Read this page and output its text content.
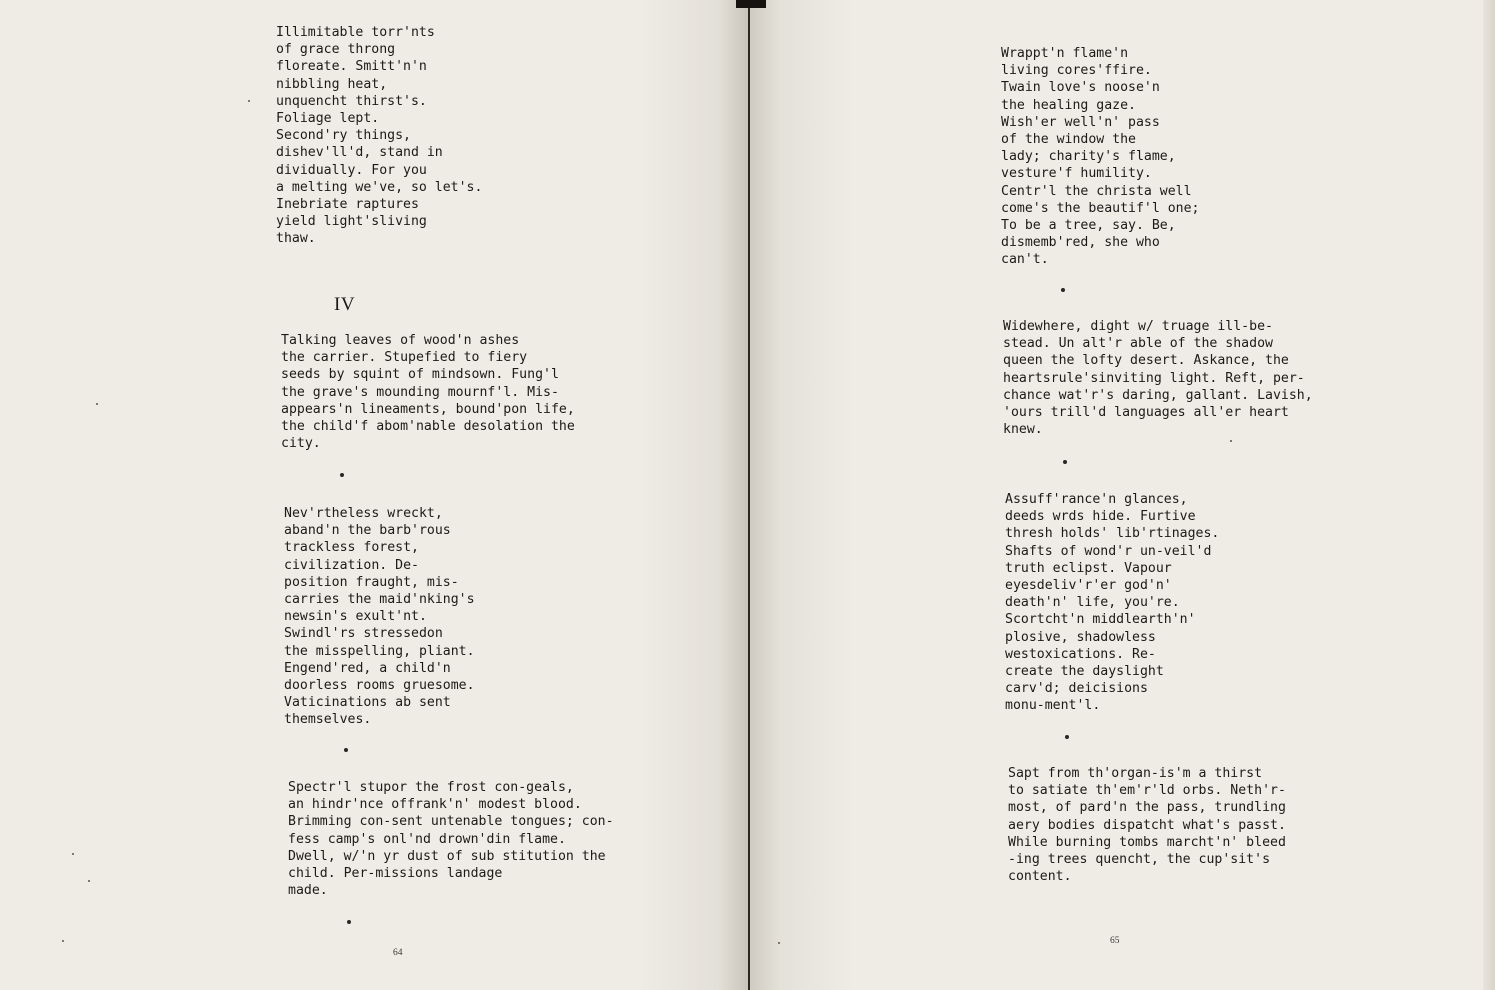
Illimitable torr'nts
of grace throng
floreate. Smitt'n'n
nibbling heat,
unquencht thirst's.
Foliage lept.
Second'ry things,
dishev'll'd, stand in
dividually. For you
a melting we've, so let's.
Inebriate raptures
yield light'sliving
thaw.
IV
Talking leaves of wood'n ashes
the carrier. Stupefied to fiery
seeds by squint of mindsown. Fung'l
the grave's mounding mournf'l. Mis-
appears'n lineaments, bound'pon life,
the child'f abom'nable desolation the
city.
Nev'rtheless wreckt,
aband'n the barb'rous
trackless forest,
civilization. De-
position fraught, mis-
carries the maid'nking's
newsin's exult'nt.
Swindl'rs stressedon
the misspelling, pliant.
Engend'red, a child'n
doorless rooms gruesome.
Vaticinations ab sent
themselves.
Spectr'l stupor the frost con-geals,
an hindr'nce offrank'n' modest blood.
Brimming con-sent untenable tongues; con-
fess camp's onl'nd drown'din flame.
Dwell, w/'n yr dust of sub stitution the
child. Per-missions landage
made.
64
Wrappt'n flame'n
living cores'ffire.
Twain love's noose'n
the healing gaze.
Wish'er well'n' pass
of the window the
lady; charity's flame,
vesture'f humility.
Centr'l the christa well
come's the beautif'l one;
To be a tree, say. Be,
dismemb'red, she who
can't.
Widewhere, dight w/ truage ill-be-
stead. Un alt'r able of the shadow
queen the lofty desert. Askance, the
heartsrule'sinviting light. Reft, per-
chance wat'r's daring, gallant. Lavish,
'ours trill'd languages all'er heart
knew.
Assuff'rance'n glances,
deeds wrds hide. Furtive
thresh holds' lib'rtinages.
Shafts of wond'r un-veil'd
truth eclipst. Vapour
eyesdeliv'r'er god'n'
death'n' life, you're.
Scortcht'n middlearth'n'
plosive, shadowless
westoxications. Re-
create the dayslight
carv'd; deicisions
monu-ment'l.
Sapt from th'organ-is'm a thirst
to satiate th'em'r'ld orbs. Neth'r-
most, of pard'n the pass, trundling
aery bodies dispatcht what's passt.
While burning tombs marcht'n' bleed
-ing trees quencht, the cup'sit's
content.
65
